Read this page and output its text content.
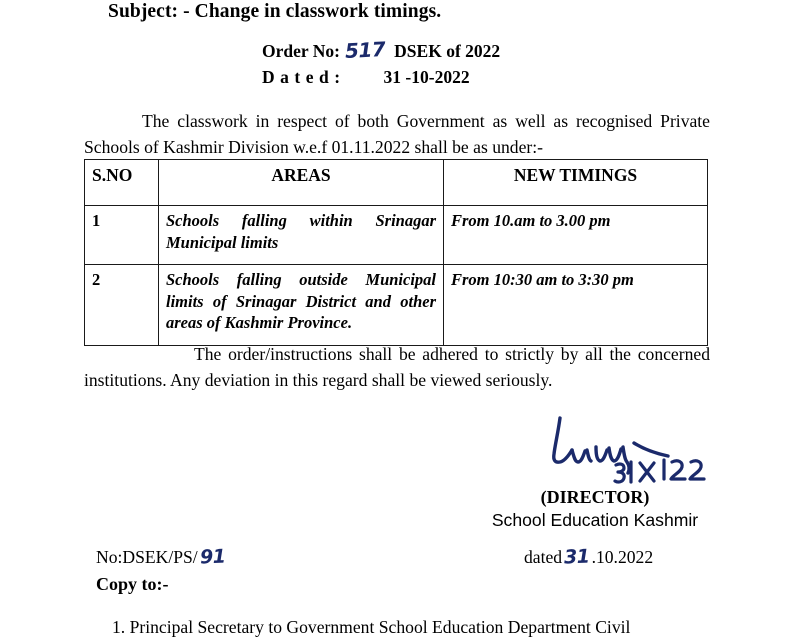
Subject: - Change in classwork timings.
Order No: 517 DSEK of 2022
Dated:	31 -10-2022
The classwork in respect of both Government as well as recognised Private Schools of Kashmir Division w.e.f 01.11.2022 shall be as under:-
S.NO	AREAS	NEW TIMINGS
1	Schools falling within Srinagar Municipal limits	From 10.am to 3.00 pm
2	Schools falling outside Municipal limits of Srinagar District and other areas of Kashmir Province.	From 10:30 am to 3:30 pm
The order/instructions shall be adhered to strictly by all the concerned institutions. Any deviation in this regard shall be viewed seriously.
(DIRECTOR)
School Education Kashmir
No:DSEK/PS/ 91	dated 31 .10.2022
Copy to:-
1. Principal Secretary to Government School Education Department Civil
